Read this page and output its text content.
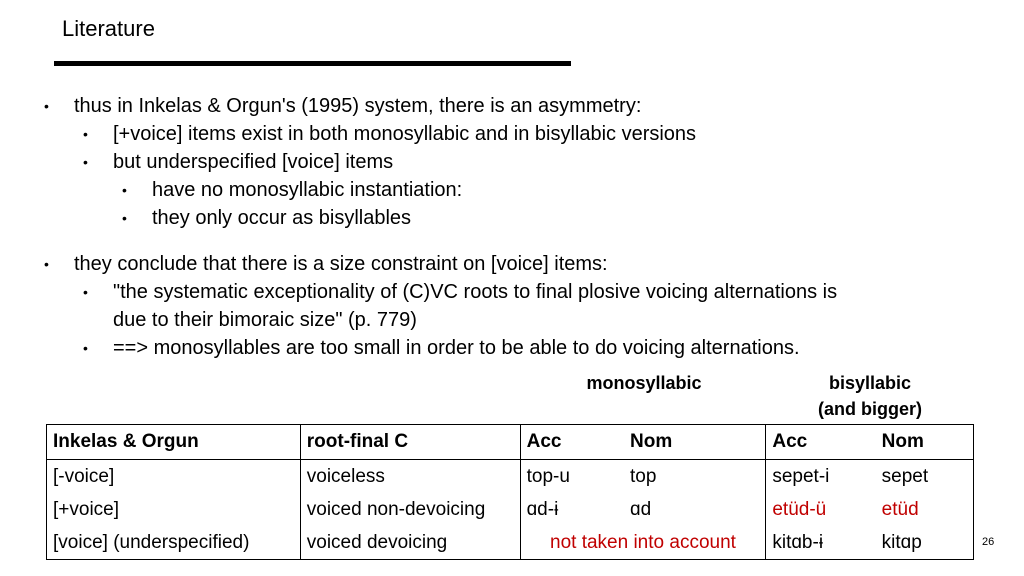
Literature
• thus in Inkelas & Orgun's (1995) system, there is an asymmetry:
• [+voice] items exist in both monosyllabic and in bisyllabic versions
• but underspecified [voice] items
• have no monosyllabic instantiation:
• they only occur as bisyllables
• they conclude that there is a size constraint on [voice] items:
• "the systematic exceptionality of (C)VC roots to final plosive voicing alternations is
due to their bimoraic size" (p. 779)
• ==> monosyllables are too small in order to be able to do voicing alternations.
monosyllabic	bisyllabic
(and bigger)
Inkelas & Orgun	root-final C	Acc	Nom	Acc	Nom
[-voice]	voiceless	top-u	top	sepet-i	sepet
[+voice]	voiced non-devoicing	ɑd-ɨ	ɑd	etüd-ü	etüd
[voice] (underspecified)	voiced devoicing	not taken into account		kitɑb-ɨ	kitɑp	26
